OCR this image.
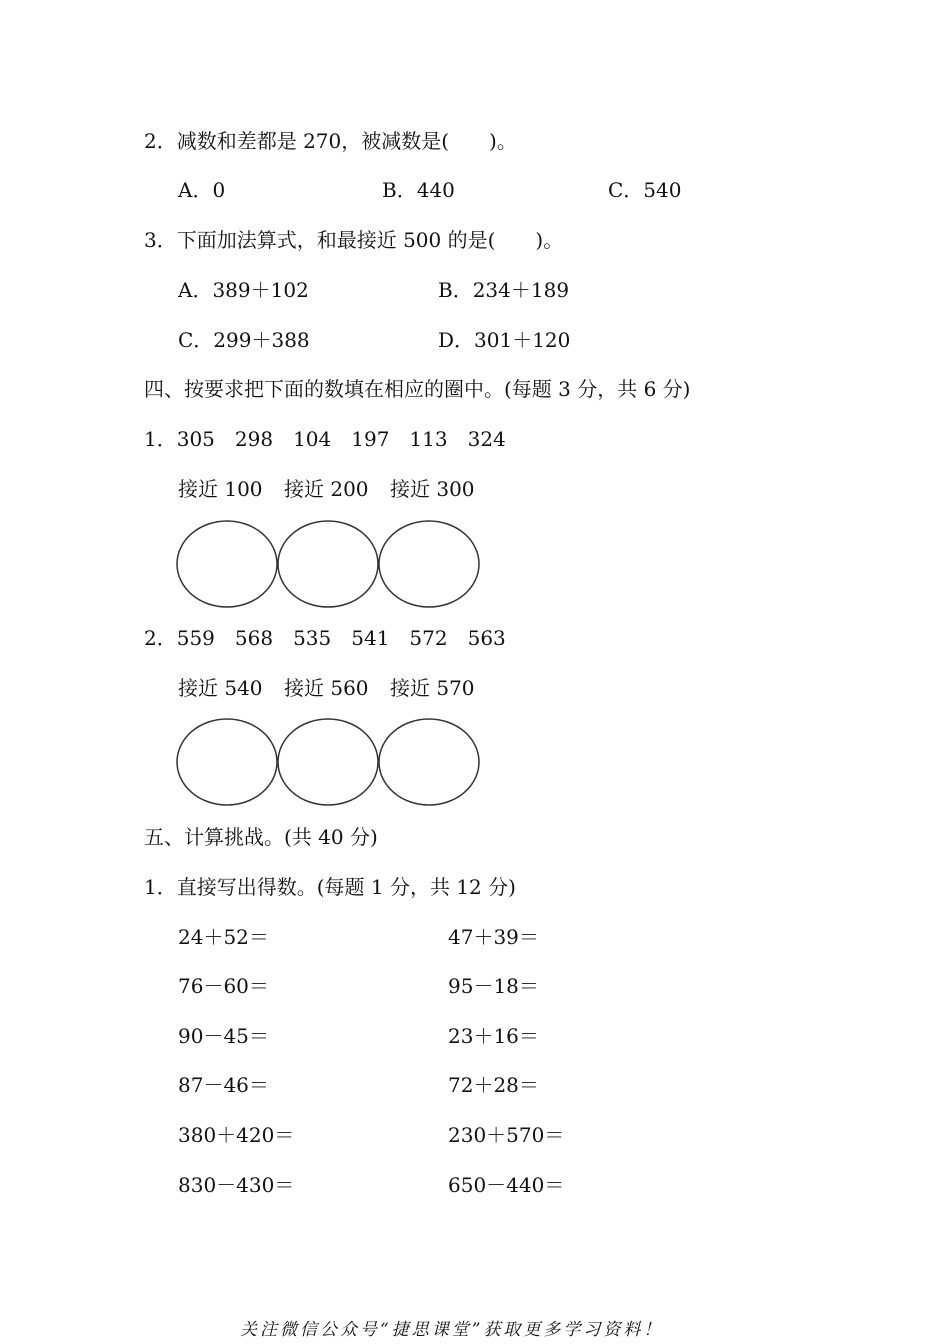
2．减数和差都是 270，被减数是(　　)。
A．0	B．440	C．540
3．下面加法算式，和最接近 500 的是(　　)。
A．389＋102	B．234＋189
C．299＋388	D．301＋120
四、按要求把下面的数填在相应的圈中。(每题 3 分，共 6 分)
1．305　298　104　197　113　324
接近 100 接近 200 接近 300
2．559　568　535　541　572　563
接近 540 接近 560 接近 570
五、计算挑战。(共 40 分)
1．直接写出得数。(每题 1 分，共 12 分)
24＋52＝	47＋39＝
76－60＝	95－18＝
90－45＝	23＋16＝
87－46＝	72＋28＝
380＋420＝	230＋570＝
830－430＝	650－440＝
关注微信公众号“捷思课堂”获取更多学习资料！
